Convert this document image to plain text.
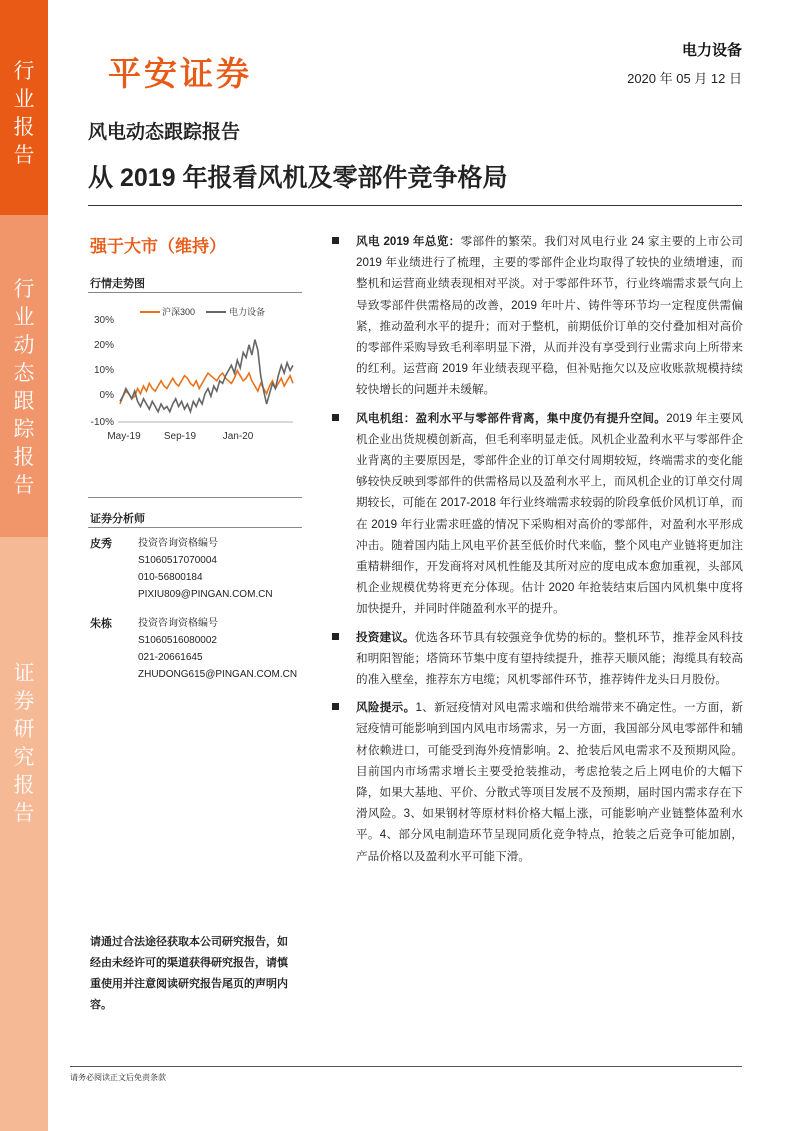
行
业
报
告
行
业
动
态
跟
踪
报
告
证
券
研
究
报
告
平安证券
电力设备
2020 年 05 月 12 日
风电动态跟踪报告
从 2019 年报看风机及零部件竞争格局
强于大市（维持）
行情走势图
沪深300	电力设备
30%
20%
10%
0%
-10%
May-19 Sep-19	Jan-20
证券分析师
皮秀	投资咨询资格编号
S1060517070004
010-56800184
PIXIU809@PINGAN.COM.CN
朱栋	投资咨询资格编号
S1060516080002
021-20661645
ZHUDONG615@PINGAN.COM.CN
请通过合法途径获取本公司研究报告，如经由未经许可的渠道获得研究报告，请慎重使用并注意阅读研究报告尾页的声明内容。
风电 2019 年总览：零部件的繁荣。我们对风电行业 24 家主要的上市公司 2019 年业绩进行了梳理，主要的零部件企业均取得了较快的业绩增速，而整机和运营商业绩表现相对平淡。对于零部件环节，行业终端需求景气向上导致零部件供需格局的改善，2019 年叶片、铸件等环节均一定程度供需偏紧，推动盈利水平的提升；而对于整机，前期低价订单的交付叠加相对高价的零部件采购导致毛利率明显下滑，从而并没有享受到行业需求向上所带来的红利。运营商 2019 年业绩表现平稳，但补贴拖欠以及应收账款规模持续较快增长的问题并未缓解。
风电机组：盈利水平与零部件背离，集中度仍有提升空间。2019 年主要风机企业出货规模创新高，但毛利率明显走低。风机企业盈利水平与零部件企业背离的主要原因是，零部件企业的订单交付周期较短，终端需求的变化能够较快反映到零部件的供需格局以及盈利水平上，而风机企业的订单交付周期较长，可能在 2017-2018 年行业终端需求较弱的阶段拿低价风机订单，而在 2019 年行业需求旺盛的情况下采购相对高价的零部件，对盈利水平形成冲击。随着国内陆上风电平价甚至低价时代来临，整个风电产业链将更加注重精耕细作，开发商将对风机性能及其所对应的度电成本愈加重视，头部风机企业规模优势将更充分体现。估计 2020 年抢装结束后国内风机集中度将加快提升，并同时伴随盈利水平的提升。
投资建议。优选各环节具有较强竞争优势的标的。整机环节，推荐金风科技和明阳智能；塔筒环节集中度有望持续提升，推荐天顺风能；海缆具有较高的准入壁垒，推荐东方电缆；风机零部件环节，推荐铸件龙头日月股份。
风险提示。1、新冠疫情对风电需求端和供给端带来不确定性。一方面，新冠疫情可能影响到国内风电市场需求，另一方面，我国部分风电零部件和辅材依赖进口，可能受到海外疫情影响。2、抢装后风电需求不及预期风险。目前国内市场需求增长主要受抢装推动，考虑抢装之后上网电价的大幅下降，如果大基地、平价、分散式等项目发展不及预期，届时国内需求存在下滑风险。3、如果钢材等原材料价格大幅上涨，可能影响产业链整体盈利水平。4、部分风电制造环节呈现同质化竞争特点，抢装之后竞争可能加剧，产品价格以及盈利水平可能下滑。
请务必阅读正文后免责条款
